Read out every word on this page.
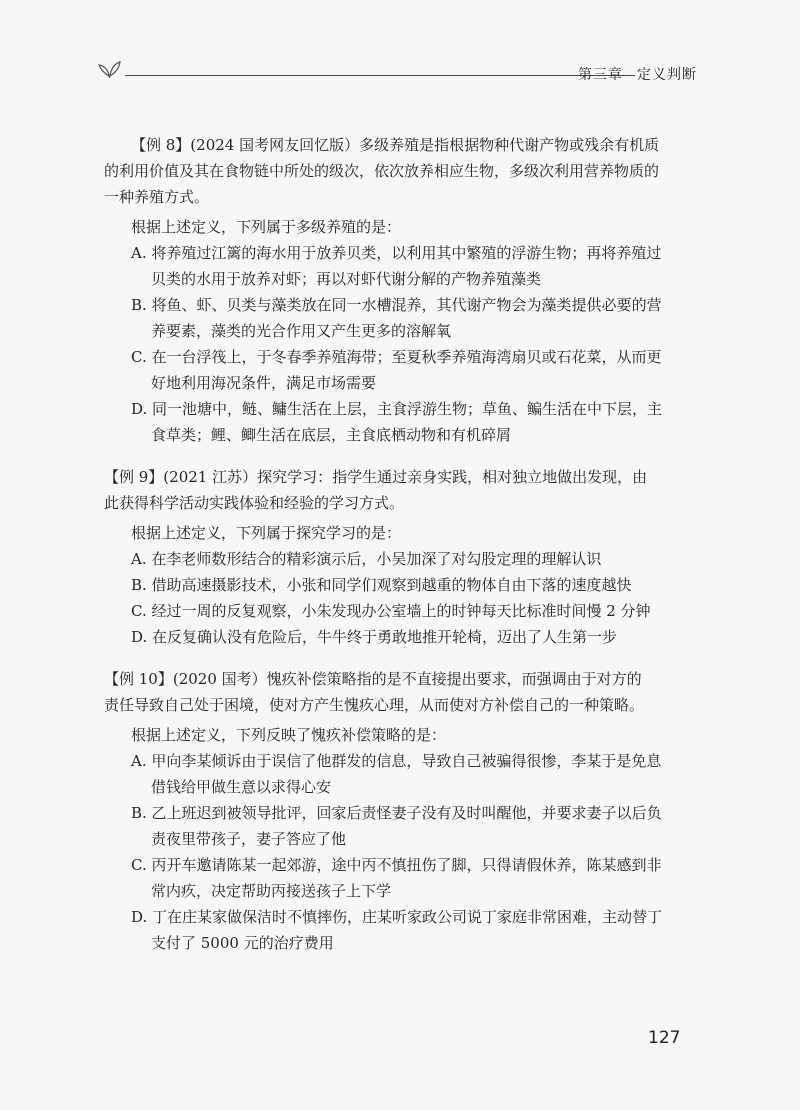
第三章 定义判断

【例 8】(2024 国考网友回忆版）多级养殖是指根据物种代谢产物或残余有机质

的利用价值及其在食物链中所处的级次，依次放养相应生物，多级次利用营养物质的

一种养殖方式。

根据上述定义，下列属于多级养殖的是：

A. 将养殖过江篱的海水用于放养贝类，以利用其中繁殖的浮游生物；再将养殖过

贝类的水用于放养对虾；再以对虾代谢分解的产物养殖藻类

B. 将鱼、虾、贝类与藻类放在同一水槽混养，其代谢产物会为藻类提供必要的营

养要素，藻类的光合作用又产生更多的溶解氧

C. 在一台浮筏上，于冬春季养殖海带；至夏秋季养殖海湾扇贝或石花菜，从而更

好地利用海况条件，满足市场需要

D. 同一池塘中，鲢、鳙生活在上层，主食浮游生物；草鱼、鳊生活在中下层，主

食草类；鲤、鲫生活在底层，主食底栖动物和有机碎屑

【例 9】(2021 江苏）探究学习：指学生通过亲身实践，相对独立地做出发现，由

此获得科学活动实践体验和经验的学习方式。

根据上述定义，下列属于探究学习的是：

A. 在李老师数形结合的精彩演示后，小吴加深了对勾股定理的理解认识

B. 借助高速摄影技术，小张和同学们观察到越重的物体自由下落的速度越快

C. 经过一周的反复观察，小朱发现办公室墙上的时钟每天比标准时间慢 2 分钟

D. 在反复确认没有危险后，牛牛终于勇敢地推开轮椅，迈出了人生第一步

【例 10】(2020 国考）愧疚补偿策略指的是不直接提出要求，而强调由于对方的

责任导致自己处于困境，使对方产生愧疚心理，从而使对方补偿自己的一种策略。

根据上述定义，下列反映了愧疚补偿策略的是：

A. 甲向李某倾诉由于误信了他群发的信息，导致自己被骗得很惨，李某于是免息

借钱给甲做生意以求得心安

B. 乙上班迟到被领导批评，回家后责怪妻子没有及时叫醒他，并要求妻子以后负

责夜里带孩子，妻子答应了他

C. 丙开车邀请陈某一起郊游，途中丙不慎扭伤了脚，只得请假休养，陈某感到非

常内疚，决定帮助丙接送孩子上下学

D. 丁在庄某家做保洁时不慎摔伤，庄某听家政公司说丁家庭非常困难，主动替丁

支付了 5000 元的治疗费用

127
